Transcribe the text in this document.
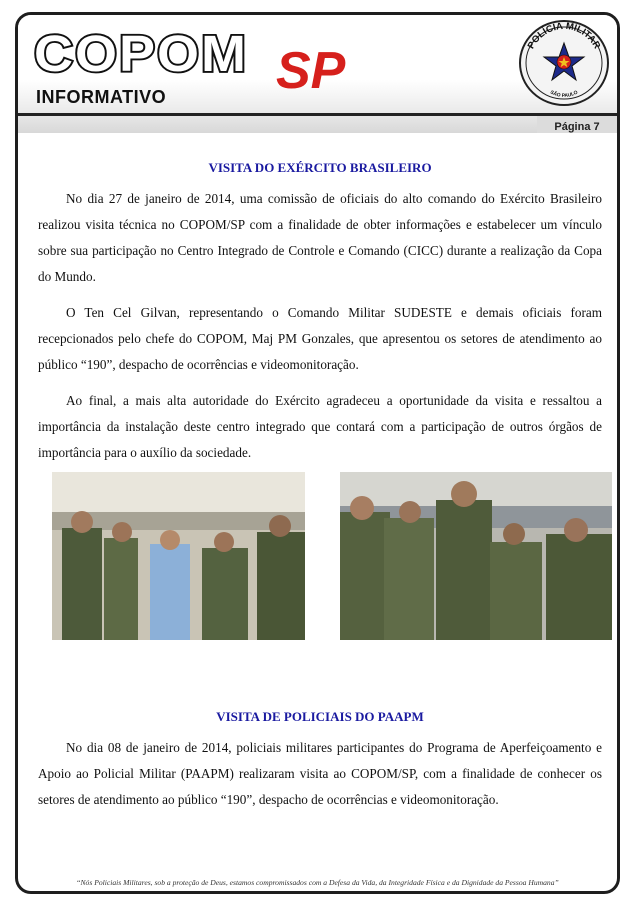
COPOM SP
INFORMATIVO
Página 7
POLÍCIA MILITAR
SÃO PAULO
VISITA DO EXÉRCITO BRASILEIRO

No dia 27 de janeiro de 2014, uma comissão de oficiais do alto comando do Exército Brasileiro realizou visita técnica no COPOM/SP com a finalidade de obter informações e estabelecer um vínculo sobre sua participação no Centro Integrado de Controle e Comando (CICC) durante a realização da Copa do Mundo.

O Ten Cel Gilvan, representando o Comando Militar SUDESTE e demais oficiais foram recepcionados pelo chefe do COPOM, Maj PM Gonzales, que apresentou os setores de atendimento ao público “190”, despacho de ocorrências e videomonitoração.

Ao final, a mais alta autoridade do Exército agradeceu a oportunidade da visita e ressaltou a importância da instalação deste centro integrado que contará com a participação de outros órgãos de importância para o auxílio da sociedade.

VISITA DE POLICIAIS DO PAAPM

No dia 08 de janeiro de 2014, policiais militares participantes do Programa de Aperfeiçoamento e Apoio ao Policial Militar (PAAPM) realizaram visita ao COPOM/SP, com a finalidade de conhecer os setores de atendimento ao público “190”, despacho de ocorrências e videomonitoração.

“Nós Policiais Militares, sob a proteção de Deus, estamos compromissados com a Defesa da Vida, da Integridade Física e da Dignidade da Pessoa Humana”
